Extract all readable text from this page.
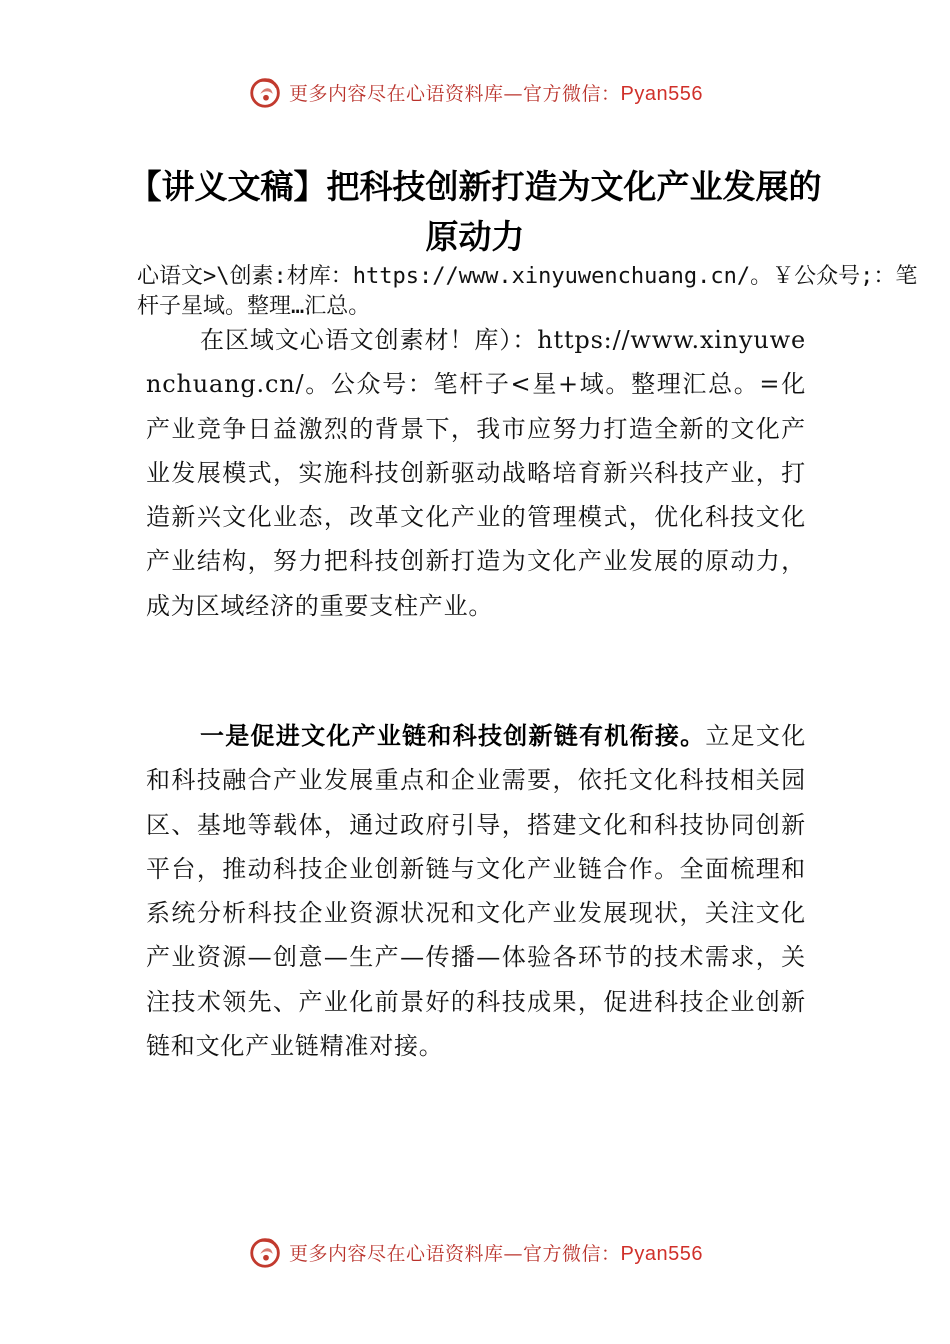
更多内容尽在心语资料库—官方微信：Pyan556
【讲义文稿】把科技创新打造为文化产业发展的原动力

心语文>\创素:材库：https://www.xinyuwenchuang.cn/。￥公众号;：笔杆子星域。整理…汇总。

在区域文心语文创素材！库）：https://www.xinyuwenchuang.cn/。公众号：笔杆子<星+域。整理汇总。=化产业竞争日益激烈的背景下，我市应努力打造全新的文化产业发展模式，实施科技创新驱动战略培育新兴科技产业，打造新兴文化业态，改革文化产业的管理模式，优化科技文化产业结构，努力把科技创新打造为文化产业发展的原动力，成为区域经济的重要支柱产业。

一是促进文化产业链和科技创新链有机衔接。立足文化和科技融合产业发展重点和企业需要，依托文化科技相关园区、基地等载体，通过政府引导，搭建文化和科技协同创新平台，推动科技企业创新链与文化产业链合作。全面梳理和系统分析科技企业资源状况和文化产业发展现状，关注文化产业资源—创意—生产—传播—体验各环节的技术需求，关注技术领先、产业化前景好的科技成果，促进科技企业创新链和文化产业链精准对接。

更多内容尽在心语资料库—官方微信：Pyan556
